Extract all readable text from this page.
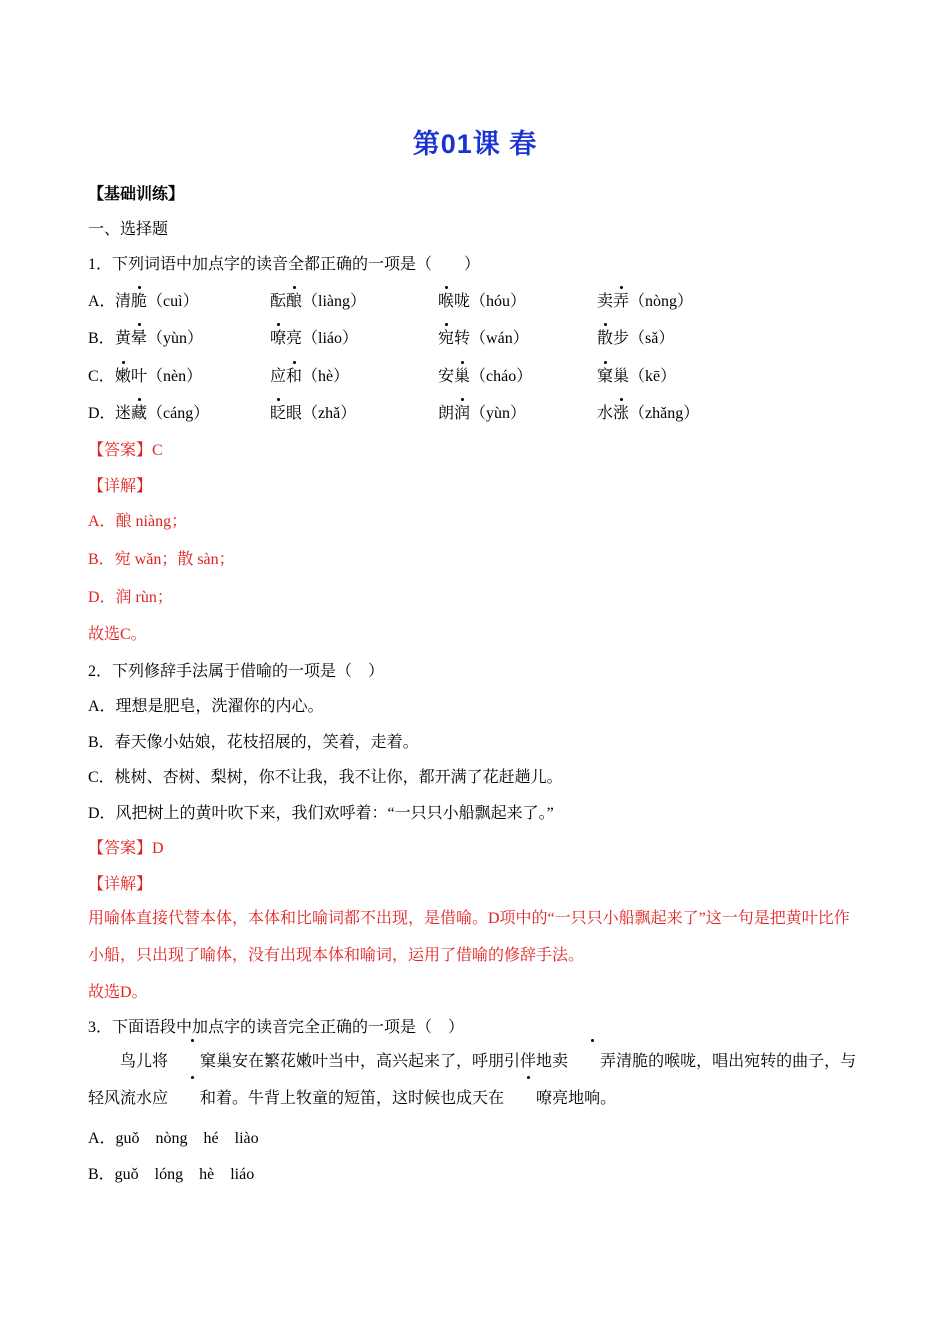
第01课 春
【基础训练】
一、选择题
1．下列词语中加点字的读音全都正确的一项是（　　）
A． 清脆（cuì）	酝酿（liàng）	喉咙（hóu）	卖弄（nòng）
B． 黄晕（yùn）	嘹亮（liáo）	宛转（wán）	散步（sǎ）
C． 嫩叶（nèn）	应和（hè）	安巢（cháo）	窠巢（kē）
D． 迷藏（cáng）	眨眼（zhǎ）	朗润（yùn）	水涨（zhǎng）
【答案】C
【详解】
A．酿 niàng；
B．宛 wǎn；散 sàn；
D．润 rùn；
故选C。
2．下列修辞手法属于借喻的一项是（　）
A．理想是肥皂，洗濯你的内心。
B．春天像小姑娘，花枝招展的，笑着，走着。
C．桃树、杏树、梨树，你不让我，我不让你，都开满了花赶趟儿。
D．风把树上的黄叶吹下来，我们欢呼着：“一只只小船飘起来了。”
【答案】D
【详解】
用喻体直接代替本体，本体和比喻词都不出现，是借喻。D项中的“一只只小船飘起来了”这一句是把黄叶比作小船，只出现了喻体，没有出现本体和喻词，运用了借喻的修辞手法。
故选D。
3．下面语段中加点字的读音完全正确的一项是（　）
鸟儿将 窠巢安在繁花嫩叶当中，高兴起来了，呼朋引伴地卖 弄清脆的喉咙，唱出宛转的曲子，与轻风流水应 和着。牛背上牧童的短笛，这时候也成天在 嘹亮地响。
A．guǒ　nòng　hé　liào
B．guǒ　lóng　hè　liáo
